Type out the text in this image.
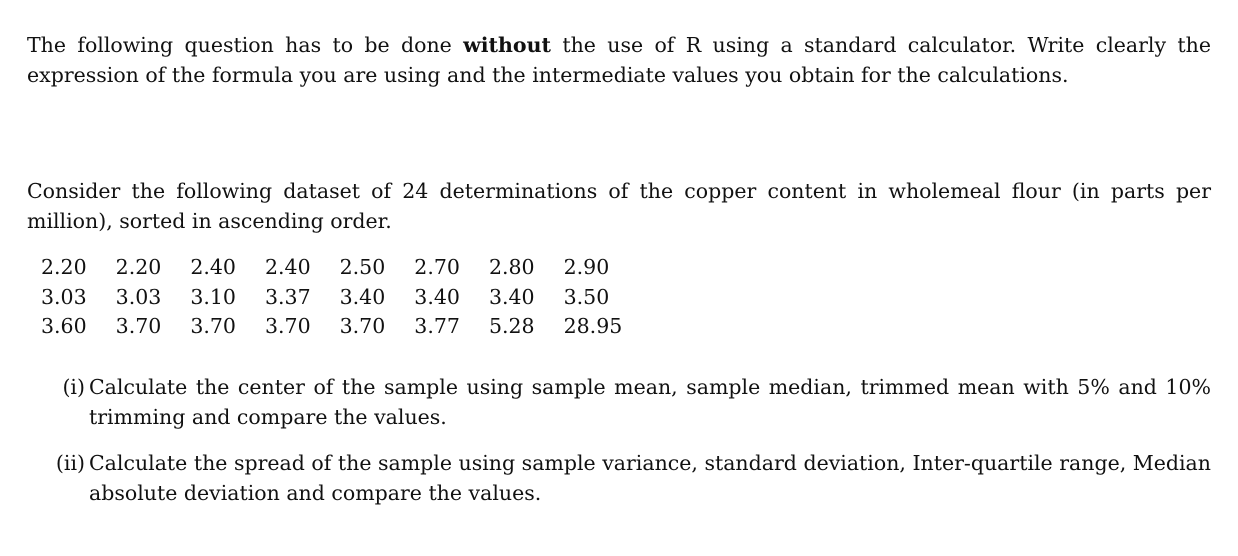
The following question has to be done without the use of R using a standard calculator. Write clearly the expression of the formula you are using and the intermediate values you obtain for the calculations.

Consider the following dataset of 24 determinations of the copper content in wholemeal flour (in parts per million), sorted in ascending order.

2.20	2.20	2.40	2.40	2.50	2.70	2.80	2.90
3.03	3.03	3.10	3.37	3.40	3.40	3.40	3.50
3.60	3.70	3.70	3.70	3.70	3.77	5.28	28.95
(i) Calculate the center of the sample using sample mean, sample median, trimmed mean with 5% and 10% trimming and compare the values.
(ii) Calculate the spread of the sample using sample variance, standard deviation, Inter-quartile range, Median absolute deviation and compare the values.
